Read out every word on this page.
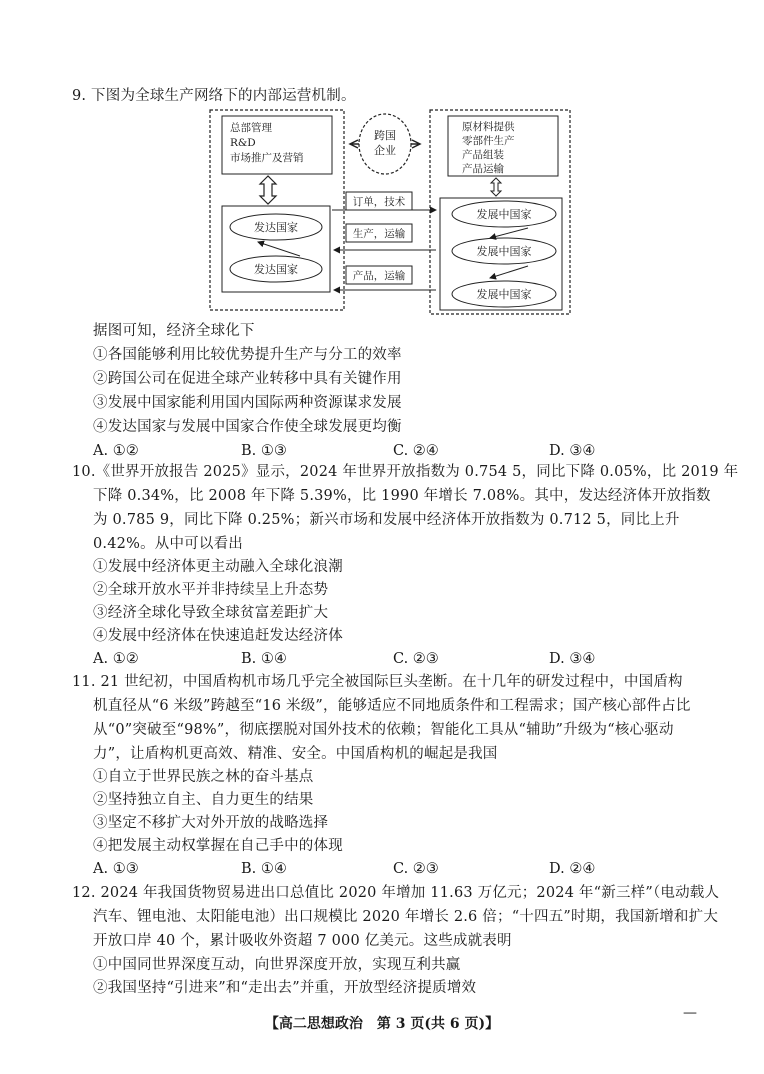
9. 下图为全球生产网络下的内部运营机制。
总部管理
R&D
市场推广及营销
跨国
企业
原材料提供
零部件生产
产品组装
产品运输
发达国家
发达国家
发展中国家
发展中国家
发展中国家
订单，技术
生产，运输
产品，运输
据图可知，经济全球化下
①各国能够利用比较优势提升生产与分工的效率
②跨国公司在促进全球产业转移中具有关键作用
③发展中国家能利用国内国际两种资源谋求发展
④发达国家与发展中国家合作使全球发展更均衡
A. ①②	B. ①③	C. ②④	D. ③④
10.《世界开放报告 2025》显示，2024 年世界开放指数为 0.754 5，同比下降 0.05%，比 2019 年
下降 0.34%，比 2008 年下降 5.39%，比 1990 年增长 7.08%。其中，发达经济体开放指数
为 0.785 9，同比下降 0.25%；新兴市场和发展中经济体开放指数为 0.712 5，同比上升
0.42%。从中可以看出
①发展中经济体更主动融入全球化浪潮
②全球开放水平并非持续呈上升态势
③经济全球化导致全球贫富差距扩大
④发展中经济体在快速追赶发达经济体
A. ①②	B. ①④	C. ②③	D. ③④
11. 21 世纪初，中国盾构机市场几乎完全被国际巨头垄断。在十几年的研发过程中，中国盾构
机直径从“6 米级”跨越至“16 米级”，能够适应不同地质条件和工程需求；国产核心部件占比
从“0”突破至“98%”，彻底摆脱对国外技术的依赖；智能化工具从“辅助”升级为“核心驱动
力”，让盾构机更高效、精准、安全。中国盾构机的崛起是我国
①自立于世界民族之林的奋斗基点
②坚持独立自主、自力更生的结果
③坚定不移扩大对外开放的战略选择
④把发展主动权掌握在自己手中的体现
A. ①③	B. ①④	C. ②③	D. ②④
12. 2024 年我国货物贸易进出口总值比 2020 年增加 11.63 万亿元；2024 年“新三样”（电动载人
汽车、锂电池、太阳能电池）出口规模比 2020 年增长 2.6 倍；“十四五”时期，我国新增和扩大
开放口岸 40 个，累计吸收外资超 7 000 亿美元。这些成就表明
①中国同世界深度互动，向世界深度开放，实现互利共赢
②我国坚持“引进来”和“走出去”并重，开放型经济提质增效
【高二思想政治　第 3 页(共 6 页)】
—
